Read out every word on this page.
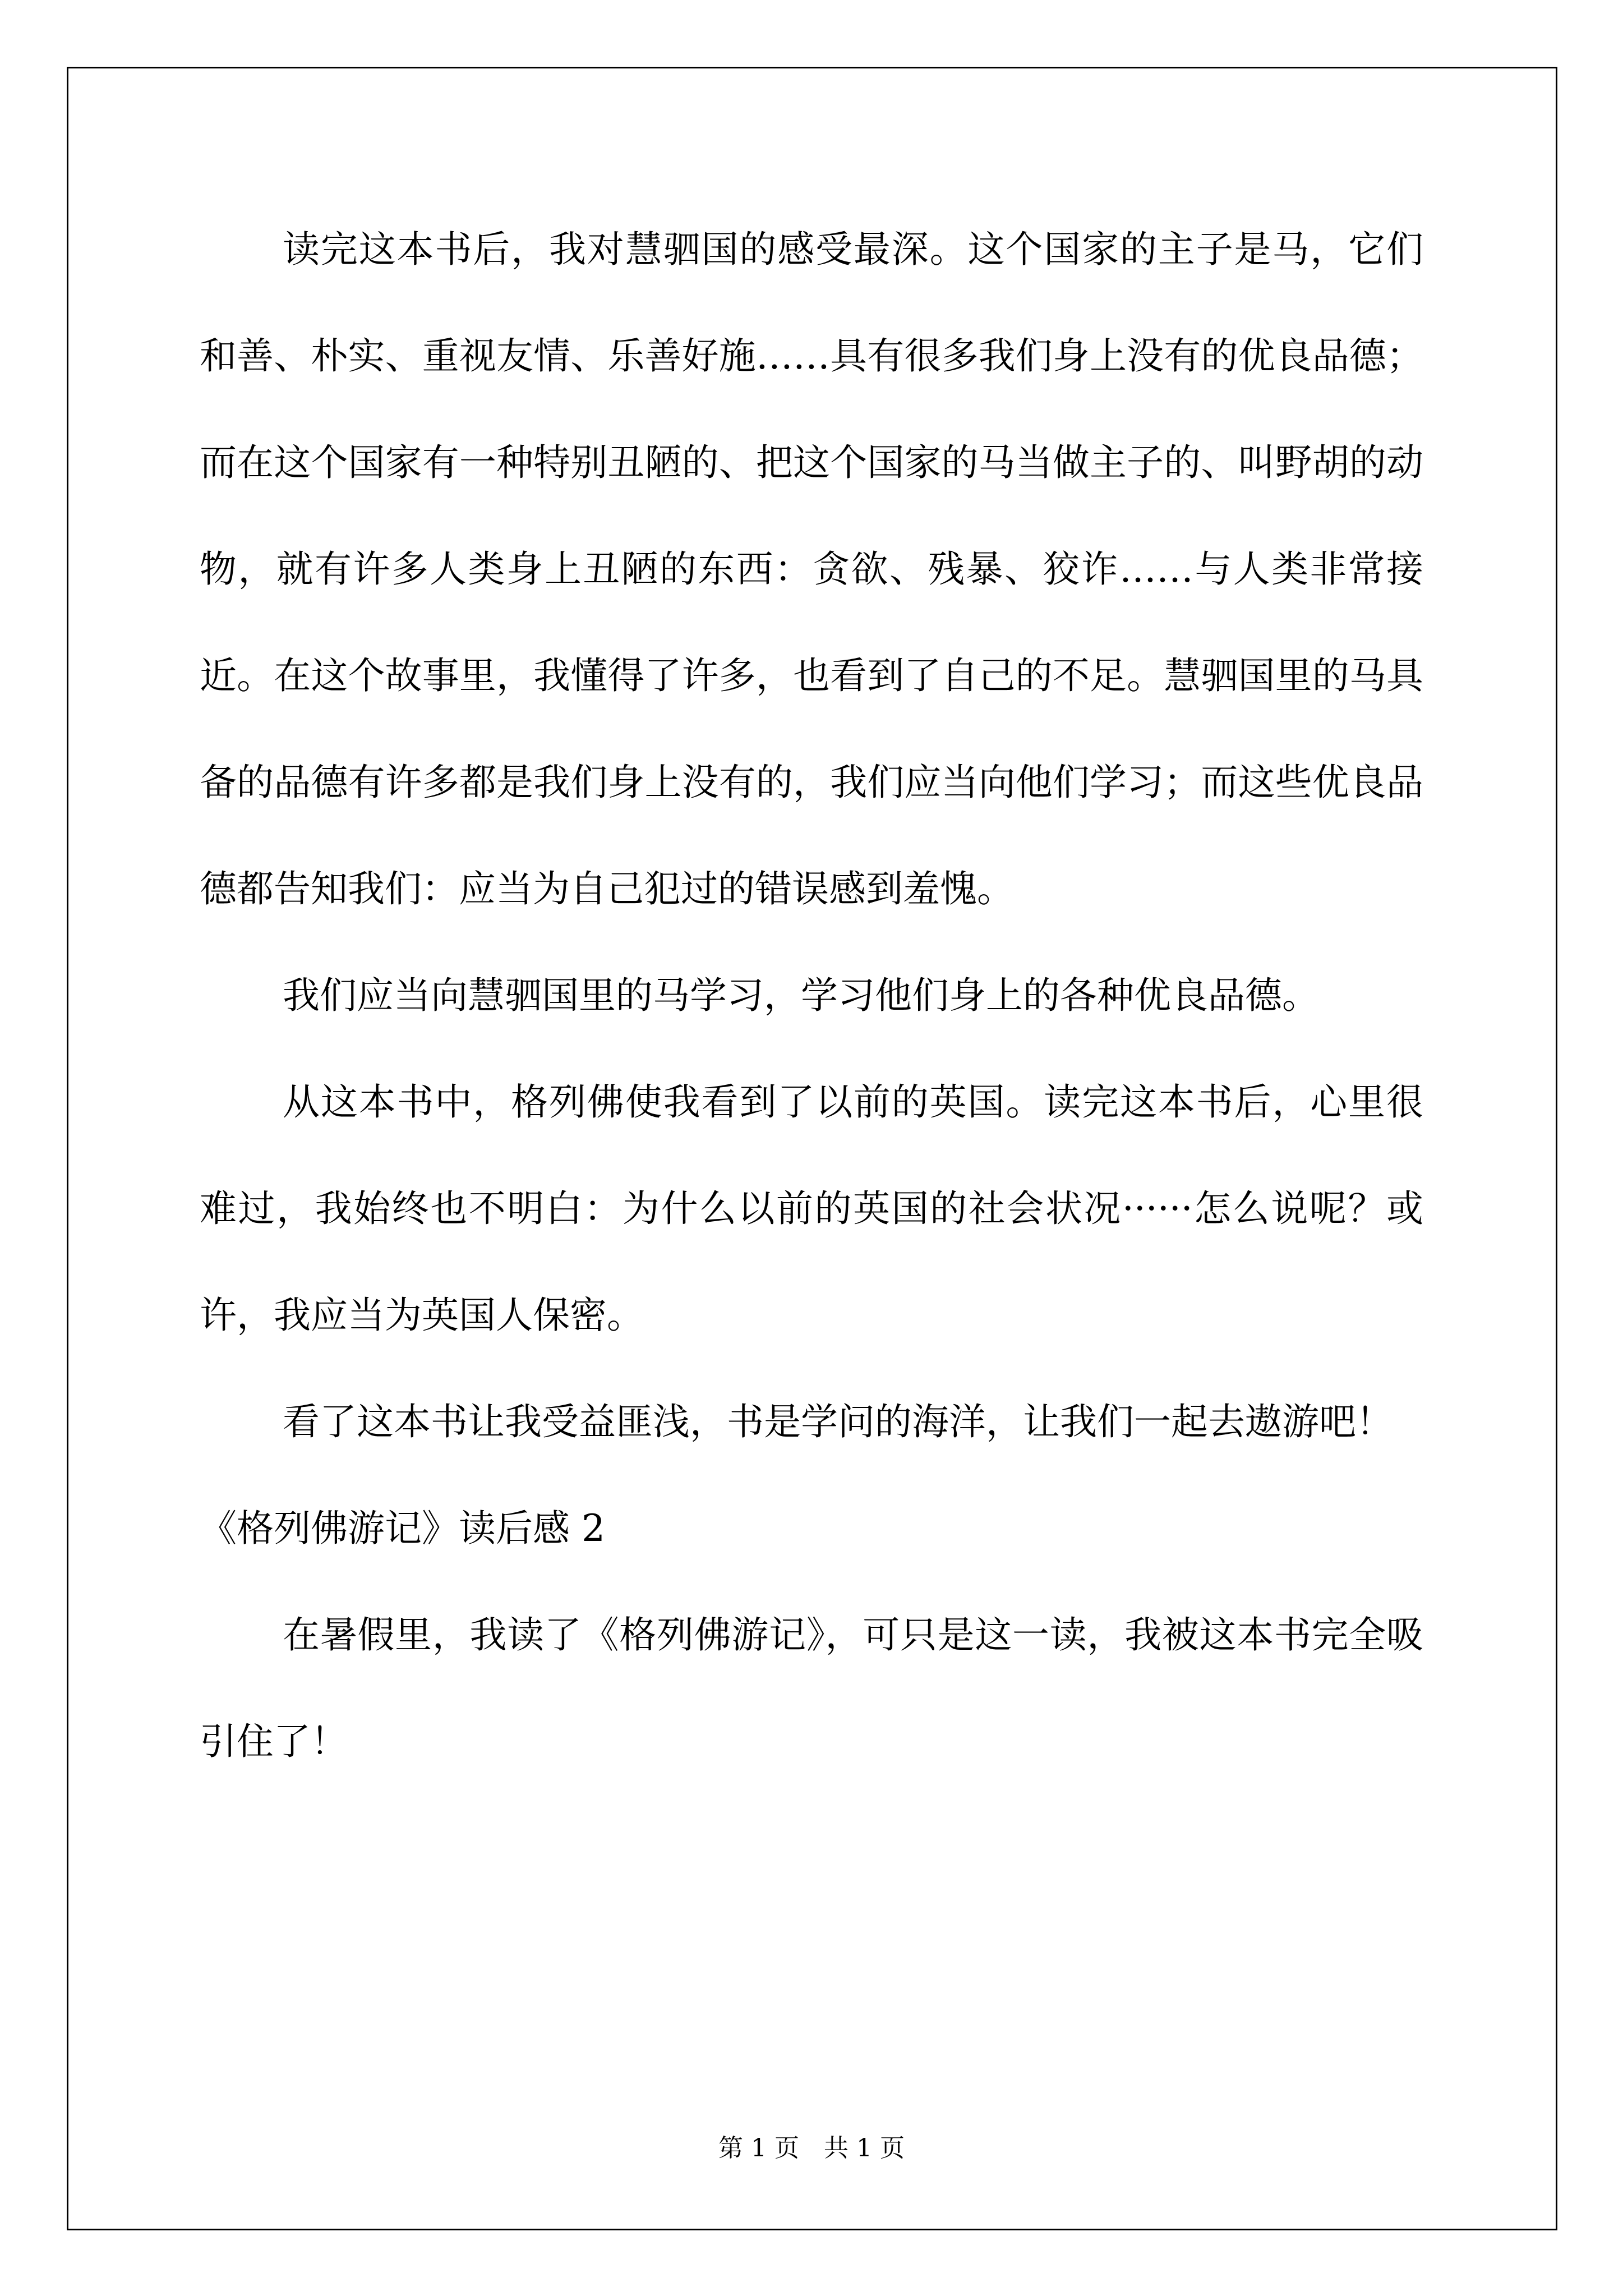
读完这本书后，我对慧驷国的感受最深。这个国家的主子是马，它们和善、朴实、重视友情、乐善好施……具有很多我们身上没有的优良品德；而在这个国家有一种特别丑陋的、把这个国家的马当做主子的、叫野胡的动物，就有许多人类身上丑陋的东西：贪欲、残暴、狡诈……与人类非常接近。在这个故事里，我懂得了许多，也看到了自己的不足。慧驷国里的马具备的品德有许多都是我们身上没有的，我们应当向他们学习；而这些优良品德都告知我们：应当为自己犯过的错误感到羞愧。

我们应当向慧驷国里的马学习，学习他们身上的各种优良品德。

从这本书中，格列佛使我看到了以前的英国。读完这本书后，心里很难过，我始终也不明白：为什么以前的英国的社会状况······怎么说呢？或许，我应当为英国人保密。

看了这本书让我受益匪浅，书是学问的海洋，让我们一起去遨游吧！

《格列佛游记》读后感 2

在暑假里，我读了《格列佛游记》，可只是这一读，我被这本书完全吸引住了！

第 1 页　共 1 页
